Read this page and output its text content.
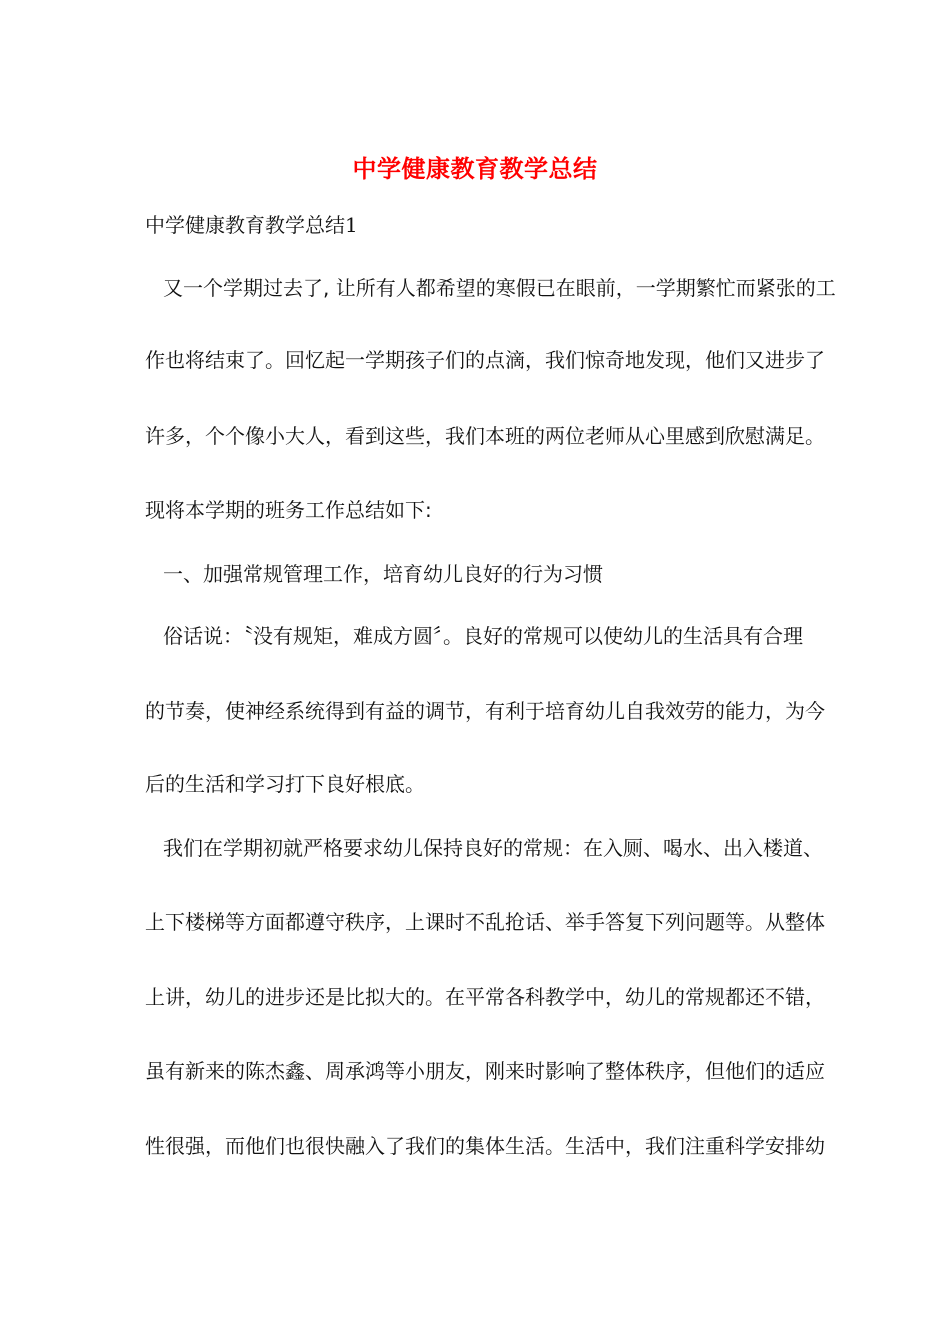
中学健康教育教学总结
中学健康教育教学总结1
又一个学期过去了, 让所有人都希望的寒假已在眼前，一学期繁忙而紧张的工
作也将结束了。回忆起一学期孩子们的点滴，我们惊奇地发现，他们又进步了
许多，个个像小大人，看到这些，我们本班的两位老师从心里感到欣慰满足。
现将本学期的班务工作总结如下:
一、加强常规管理工作，培育幼儿良好的行为习惯
俗话说：〝没有规矩，难成方圆〞。良好的常规可以使幼儿的生活具有合理
的节奏，使神经系统得到有益的调节，有利于培育幼儿自我效劳的能力，为今
后的生活和学习打下良好根底。
我们在学期初就严格要求幼儿保持良好的常规：在入厕、喝水、出入楼道、
上下楼梯等方面都遵守秩序，上课时不乱抢话、举手答复下列问题等。从整体
上讲，幼儿的进步还是比拟大的。在平常各科教学中，幼儿的常规都还不错，
虽有新来的陈杰鑫、周承鸿等小朋友，刚来时影响了整体秩序，但他们的适应
性很强，而他们也很快融入了我们的集体生活。生活中，我们注重科学安排幼
